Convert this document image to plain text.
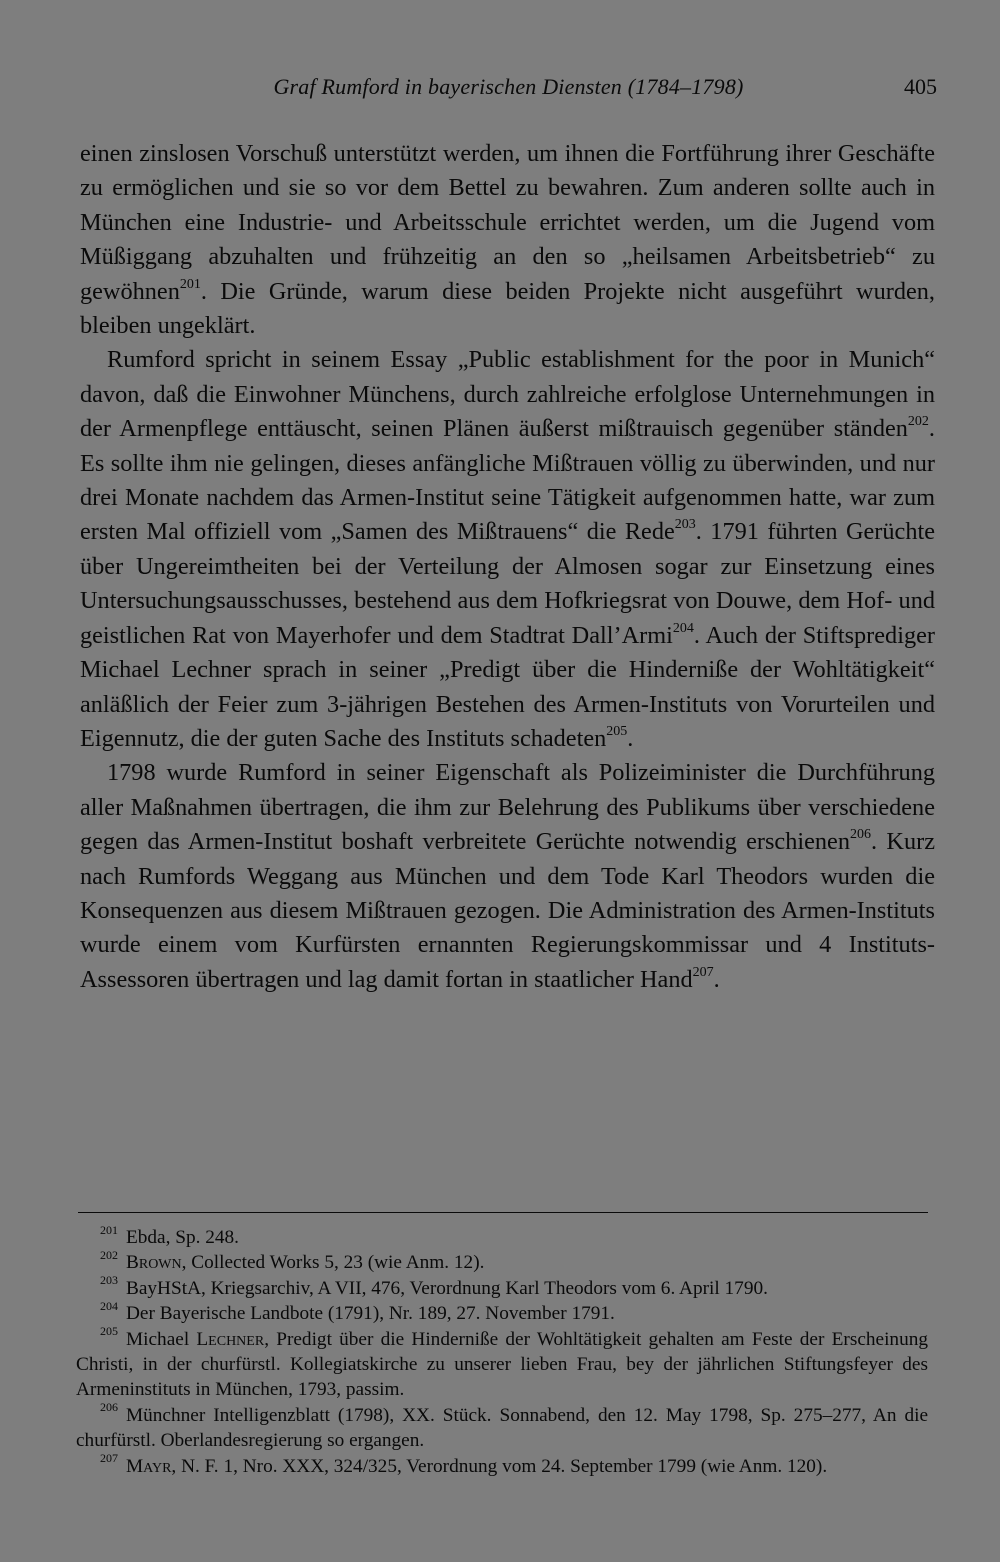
Graf Rumford in bayerischen Diensten (1784–1798)	405

einen zinslosen Vorschuß unterstützt werden, um ihnen die Fortführung ihrer Geschäfte zu ermöglichen und sie so vor dem Bettel zu bewahren. Zum anderen sollte auch in München eine Industrie- und Arbeitsschule errichtet werden, um die Jugend vom Müßiggang abzuhalten und frühzeitig an den so „heilsamen Arbeitsbetrieb“ zu gewöhnen$^{201}$. Die Gründe, warum diese beiden Projekte nicht ausgeführt wurden, bleiben ungeklärt.

Rumford spricht in seinem Essay „Public establishment for the poor in Munich“ davon, daß die Einwohner Münchens, durch zahlreiche erfolglose Unternehmungen in der Armenpflege enttäuscht, seinen Plänen äußerst mißtrauisch gegenüber ständen$^{202}$. Es sollte ihm nie gelingen, dieses anfängliche Mißtrauen völlig zu überwinden, und nur drei Monate nachdem das Armen-Institut seine Tätigkeit aufgenommen hatte, war zum ersten Mal offiziell vom „Samen des Mißtrauens“ die Rede$^{203}$. 1791 führten Gerüchte über Ungereimtheiten bei der Verteilung der Almosen sogar zur Einsetzung eines Untersuchungsausschusses, bestehend aus dem Hofkriegsrat von Douwe, dem Hof- und geistlichen Rat von Mayerhofer und dem Stadtrat Dall’Armi$^{204}$. Auch der Stiftsprediger Michael Lechner sprach in seiner „Predigt über die Hinderniße der Wohltätigkeit“ anläßlich der Feier zum 3-jährigen Bestehen des Armen-Instituts von Vorurteilen und Eigennutz, die der guten Sache des Instituts schadeten$^{205}$.

1798 wurde Rumford in seiner Eigenschaft als Polizeiminister die Durchführung aller Maßnahmen übertragen, die ihm zur Belehrung des Publikums über verschiedene gegen das Armen-Institut boshaft verbreitete Gerüchte notwendig erschienen$^{206}$. Kurz nach Rumfords Weggang aus München und dem Tode Karl Theodors wurden die Konsequenzen aus diesem Mißtrauen gezogen. Die Administration des Armen-Instituts wurde einem vom Kurfürsten ernannten Regierungskommissar und 4 Instituts-Assessoren übertragen und lag damit fortan in staatlicher Hand$^{207}$.

$^{201}$ Ebda, Sp. 248.

$^{202}$ Brown, Collected Works 5, 23 (wie Anm. 12).

$^{203}$ BayHStA, Kriegsarchiv, A VII, 476, Verordnung Karl Theodors vom 6. April 1790.

$^{204}$ Der Bayerische Landbote (1791), Nr. 189, 27. November 1791.

$^{205}$ Michael Lechner, Predigt über die Hinderniße der Wohltätigkeit gehalten am Feste der Erscheinung Christi, in der churfürstl. Kollegiatskirche zu unserer lieben Frau, bey der jährlichen Stiftungsfeyer des Armeninstituts in München, 1793, passim.

$^{206}$ Münchner Intelligenzblatt (1798), XX. Stück. Sonnabend, den 12. May 1798, Sp. 275–277, An die churfürstl. Oberlandesregierung so ergangen.

$^{207}$ Mayr, N. F. 1, Nro. XXX, 324/325, Verordnung vom 24. September 1799 (wie Anm. 120).
